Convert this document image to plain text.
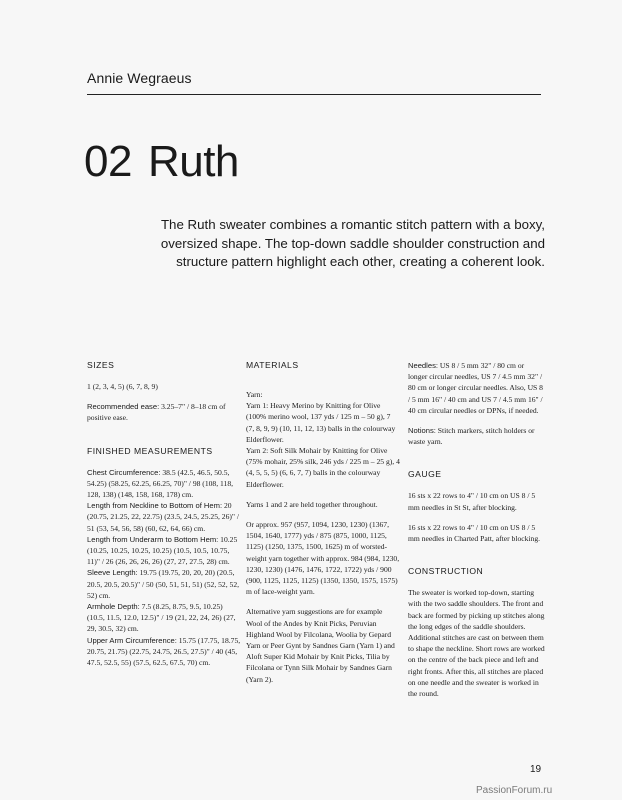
Annie Wegraeus
02 Ruth
The Ruth sweater combines a romantic stitch pattern with a boxy,
oversized shape. The top-down saddle shoulder construction and
structure pattern highlight each other, creating a coherent look.
SIZES

1 (2, 3, 4, 5) (6, 7, 8, 9)

Recommended ease: 3.25–7" / 8–18 cm of positive ease.

FINISHED MEASUREMENTS
Chest Circumference: 38.5 (42.5, 46.5, 50.5, 54.25) (58.25, 62.25, 66.25, 70)" / 98 (108, 118, 128, 138) (148, 158, 168, 178) cm.
Length from Neckline to Bottom of Hem: 20 (20.75, 21.25, 22, 22.75) (23.5, 24.5, 25.25, 26)" / 51 (53, 54, 56, 58) (60, 62, 64, 66) cm.
Length from Underarm to Bottom Hem: 10.25 (10.25, 10.25, 10.25, 10.25) (10.5, 10.5, 10.75, 11)" / 26 (26, 26, 26, 26) (27, 27, 27.5, 28) cm.
Sleeve Length: 19.75 (19.75, 20, 20, 20) (20.5, 20.5, 20.5, 20.5)" / 50 (50, 51, 51, 51) (52, 52, 52, 52) cm.
Armhole Depth: 7.5 (8.25, 8.75, 9.5, 10.25) (10.5, 11.5, 12.0, 12.5)" / 19 (21, 22, 24, 26) (27, 29, 30.5, 32) cm.
Upper Arm Circumference: 15.75 (17.75, 18.75, 20.75, 21.75) (22.75, 24.75, 26.5, 27.5)" / 40 (45, 47.5, 52.5, 55) (57.5, 62.5, 67.5, 70) cm.
MATERIALS
Yarn:
Yarn 1: Heavy Merino by Knitting for Olive (100% merino wool, 137 yds / 125 m – 50 g), 7 (7, 8, 9, 9) (10, 11, 12, 13) balls in the colourway Elderflower.

Yarn 2: Soft Silk Mohair by Knitting for Olive (75% mohair, 25% silk, 246 yds / 225 m – 25 g), 4 (4, 5, 5, 5) (6, 6, 7, 7) balls in the colourway Elderflower.

Yarns 1 and 2 are held together throughout.

Or approx. 957 (957, 1094, 1230, 1230) (1367, 1504, 1640, 1777) yds / 875 (875, 1000, 1125, 1125) (1250, 1375, 1500, 1625) m of worsted-weight yarn together with approx. 984 (984, 1230, 1230, 1230) (1476, 1476, 1722, 1722) yds / 900 (900, 1125, 1125, 1125) (1350, 1350, 1575, 1575) m of lace-weight yarn.

Alternative yarn suggestions are for example Wool of the Andes by Knit Picks, Peruvian Highland Wool by Filcolana, Woolia by Gepard Yarn or Peer Gynt by Sandnes Garn (Yarn 1) and Aloft Super Kid Mohair by Knit Picks, Tilia by Filcolana or Tynn Silk Mohair by Sandnes Garn (Yarn 2).

Needles: US 8 / 5 mm 32" / 80 cm or longer circular needles, US 7 / 4.5 mm 32" / 80 cm or longer circular needles. Also, US 8 / 5 mm 16" / 40 cm and US 7 / 4.5 mm 16" / 40 cm circular needles or DPNs, if needed.

Notions: Stitch markers, stitch holders or waste yarn.

GAUGE

16 sts x 22 rows to 4" / 10 cm on US 8 / 5 mm needles in St St, after blocking.

16 sts x 22 rows to 4" / 10 cm on US 8 / 5 mm needles in Charted Patt, after blocking.

CONSTRUCTION

The sweater is worked top-down, starting with the two saddle shoulders. The front and back are formed by picking up stitches along the long edges of the saddle shoulders. Additional stitches are cast on between them to shape the neckline. Short rows are worked on the centre of the back piece and left and right fronts. After this, all stitches are placed on one needle and the sweater is worked in the round.

19
PassionForum.ru
